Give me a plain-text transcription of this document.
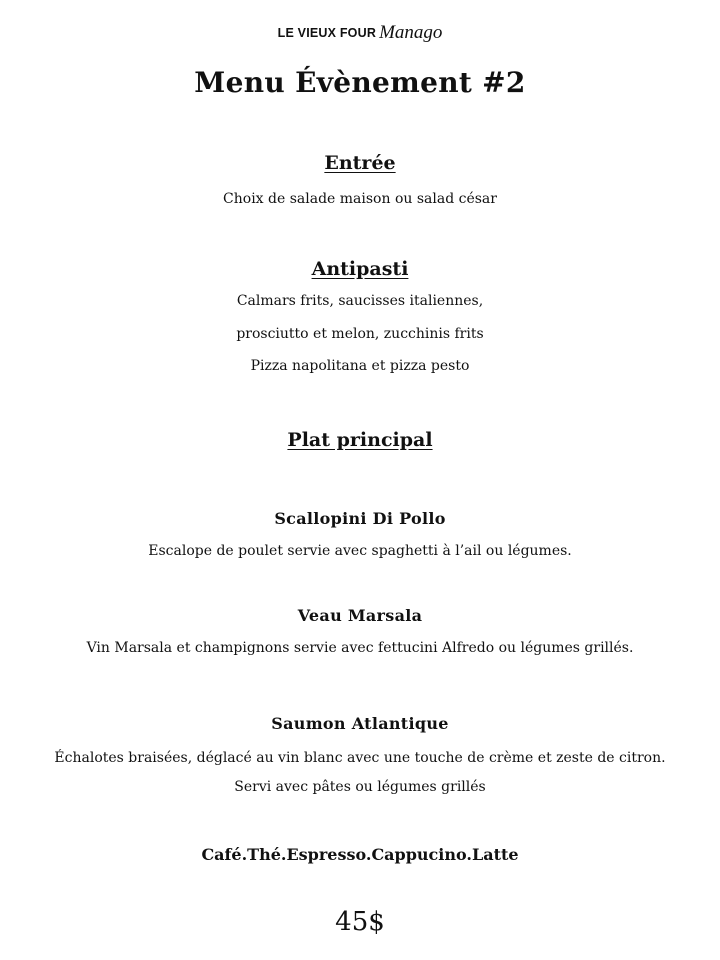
LE VIEUX FOUR Manago
Menu Évènement #2
Entrée
Choix de salade maison ou salad césar
Antipasti
Calmars frits, saucisses italiennes,
prosciutto et melon, zucchinis frits
Pizza napolitana et pizza pesto
Plat principal
Scallopini Di Pollo
Escalope de poulet servie avec spaghetti à l’ail ou légumes.
Veau Marsala
Vin Marsala et champignons servie avec fettucini Alfredo ou légumes grillés.
Saumon Atlantique
Échalotes braisées, déglacé au vin blanc avec une touche de crème et zeste de citron.
Servi avec pâtes ou légumes grillés
Café.Thé.Espresso.Cappucino.Latte
45$
